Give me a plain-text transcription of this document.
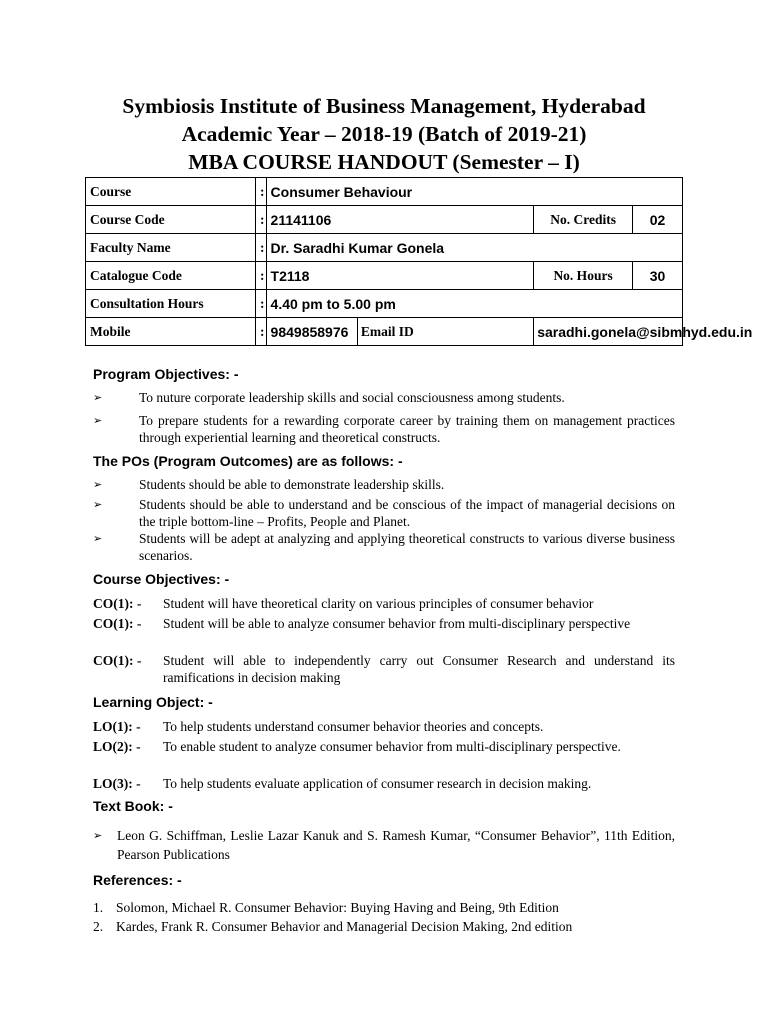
Symbiosis Institute of Business Management, Hyderabad
Academic Year – 2018-19 (Batch of 2019-21)
MBA COURSE HANDOUT (Semester – I)
Course	:	Consumer Behaviour			
Course Code	:	21141106		No. Credits	02
Faculty Name	:	Dr. Saradhi Kumar Gonela			
Catalogue Code	:	T2118		No. Hours	30
Consultation Hours	:	4.40 pm to 5.00 pm			
Mobile	:	9849858976	Email ID	saradhi.gonela@sibmhyd.edu.in	
Program Objectives: -
➢	To nuture corporate leadership skills and social consciousness among students.
➢	To prepare students for a rewarding corporate career by training them on management practices through experiential learning and theoretical constructs.
The POs (Program Outcomes) are as follows: -
➢	Students should be able to demonstrate leadership skills.
➢	Students should be able to understand and be conscious of the impact of managerial decisions on the triple bottom-line – Profits, People and Planet.
➢	Students will be adept at analyzing and applying theoretical constructs to various diverse business scenarios.
Course Objectives: -
CO(1): - Student will have theoretical clarity on various principles of consumer behavior
CO(1): - Student will be able to analyze consumer behavior from multi-disciplinary perspective
CO(1): - Student will able to independently carry out Consumer Research and understand its ramifications in decision making
Learning Object: -
LO(1): - To help students understand consumer behavior theories and concepts.
LO(2): - To enable student to analyze consumer behavior from multi-disciplinary perspective.
LO(3): - To help students evaluate application of consumer research in decision making.
Text Book: -
➢ Leon G. Schiffman, Leslie Lazar Kanuk and S. Ramesh Kumar, “Consumer Behavior”, 11th Edition, Pearson Publications
References: -
1. Solomon, Michael R. Consumer Behavior: Buying Having and Being, 9th Edition
2. Kardes, Frank R. Consumer Behavior and Managerial Decision Making, 2nd edition
